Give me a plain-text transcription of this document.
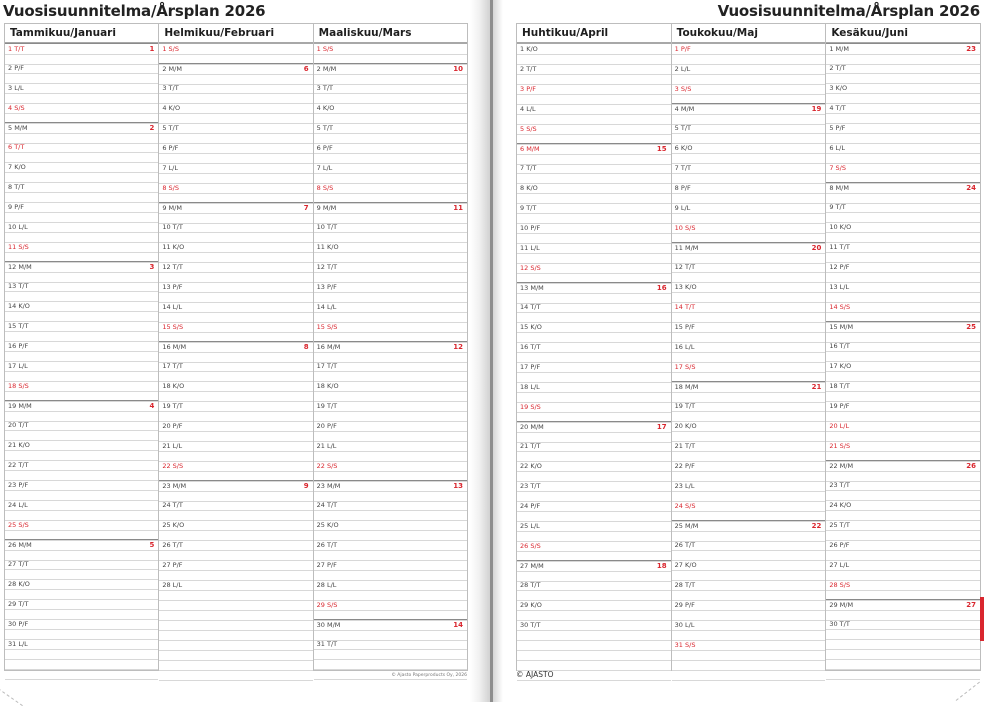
Vuosisuunnitelma/Årsplan 2026	Vuosisuunnitelma/Årsplan 2026
Tammikuu/Januari
1 T/T	1
2 P/F
3 L/L
4 S/S
5 M/M	2
6 T/T
7 K/O
8 T/T
9 P/F
10 L/L
11 S/S
12 M/M	3
13 T/T
14 K/O
15 T/T
16 P/F
17 L/L
18 S/S
19 M/M	4
20 T/T
21 K/O
22 T/T
23 P/F
24 L/L
25 S/S
26 M/M	5
27 T/T
28 K/O
29 T/T
30 P/F
31 L/L
Helmikuu/Februari
1 S/S
2 M/M	6
3 T/T
4 K/O
5 T/T
6 P/F
7 L/L
8 S/S
9 M/M	7
10 T/T
11 K/O
12 T/T
13 P/F
14 L/L
15 S/S
16 M/M	8
17 T/T
18 K/O
19 T/T
20 P/F
21 L/L
22 S/S
23 M/M	9
24 T/T
25 K/O
26 T/T
27 P/F
28 L/L
Maaliskuu/Mars
1 S/S
2 M/M	10
3 T/T
4 K/O
5 T/T
6 P/F
7 L/L
8 S/S
9 M/M	11
10 T/T
11 K/O
12 T/T
13 P/F
14 L/L
15 S/S
16 M/M	12
17 T/T
18 K/O
19 T/T
20 P/F
21 L/L
22 S/S
23 M/M	13
24 T/T
25 K/O
26 T/T
27 P/F
28 L/L
29 S/S
30 M/M	14
31 T/T
Huhtikuu/April
1 K/O
2 T/T
3 P/F
4 L/L
5 S/S
6 M/M	15
7 T/T
8 K/O
9 T/T
10 P/F
11 L/L
12 S/S
13 M/M	16
14 T/T
15 K/O
16 T/T
17 P/F
18 L/L
19 S/S
20 M/M	17
21 T/T
22 K/O
23 T/T
24 P/F
25 L/L
26 S/S
27 M/M	18
28 T/T
29 K/O
30 T/T
Toukokuu/Maj
1 P/F
2 L/L
3 S/S
4 M/M	19
5 T/T
6 K/O
7 T/T
8 P/F
9 L/L
10 S/S
11 M/M	20
12 T/T
13 K/O
14 T/T
15 P/F
16 L/L
17 S/S
18 M/M	21
19 T/T
20 K/O
21 T/T
22 P/F
23 L/L
24 S/S
25 M/M	22
26 T/T
27 K/O
28 T/T
29 P/F
30 L/L
31 S/S
Kesäkuu/Juni
1 M/M	23
2 T/T
3 K/O
4 T/T
5 P/F
6 L/L
7 S/S
8 M/M	24
9 T/T
10 K/O
11 T/T
12 P/F
13 L/L
14 S/S
15 M/M	25
16 T/T
17 K/O
18 T/T
19 P/F
20 L/L
21 S/S
22 M/M	26
23 T/T
24 K/O
25 T/T
26 P/F
27 L/L
28 S/S
29 M/M	27
30 T/T
© Ajasto Paperproducts Oy, 2026	© AJASTO
